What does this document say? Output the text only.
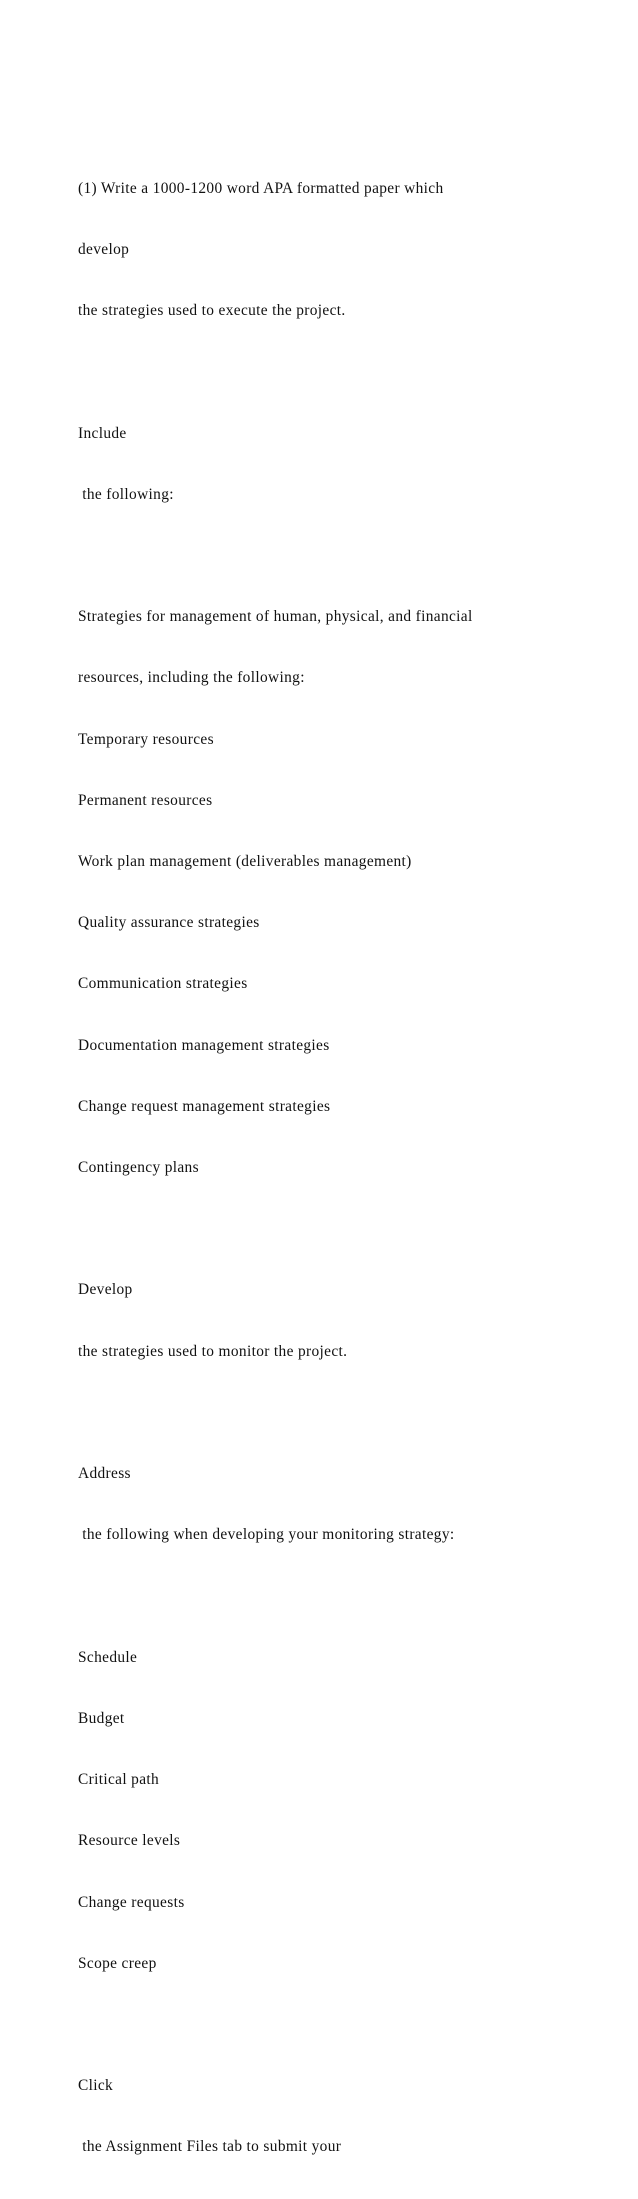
(1) Write a 1000-1200 word APA formatted paper which

develop

the strategies used to execute the project.

Include

the following:

Strategies for management of human, physical, and financial

resources, including the following:

Temporary resources

Permanent resources

Work plan management (deliverables management)

Quality assurance strategies

Communication strategies

Documentation management strategies

Change request management strategies

Contingency plans

Develop

the strategies used to monitor the project.

Address

the following when developing your monitoring strategy:

Schedule

Budget

Critical path

Resource levels

Change requests

Scope creep

Click

the Assignment Files tab to submit your
